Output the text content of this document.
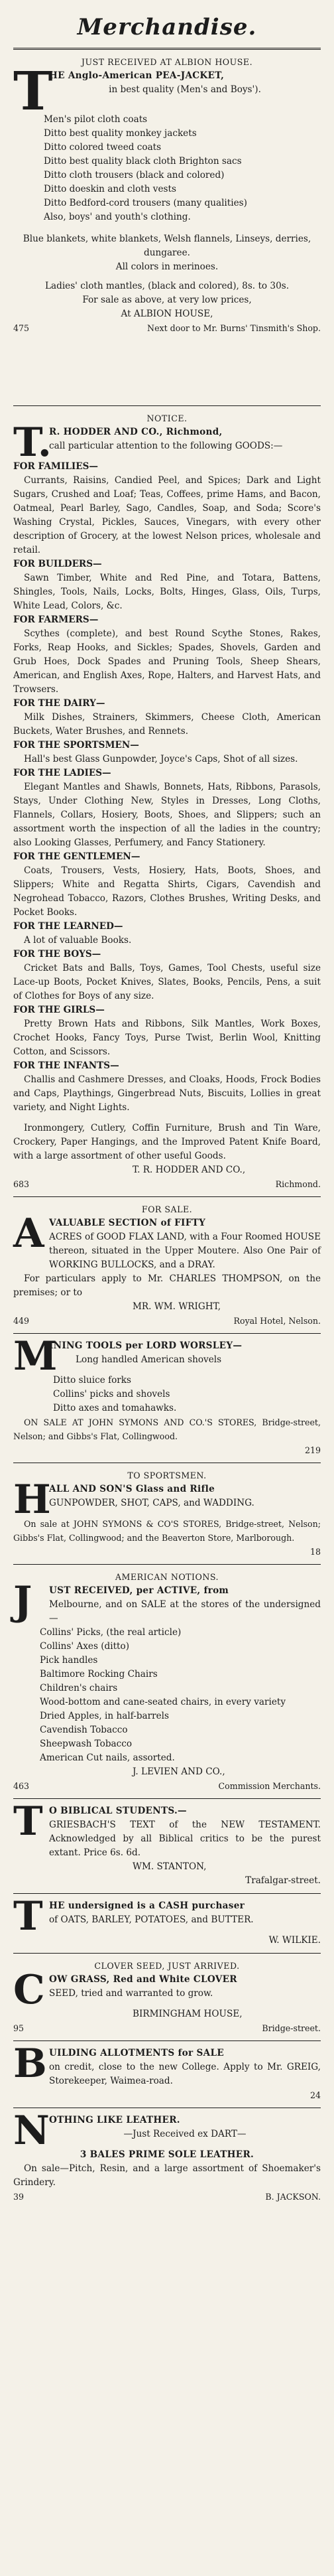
Merchandise.

JUST RECEIVED AT ALBION HOUSE.

T

HE Anglo-American PEA-JACKET,

in best quality (Men's and Boys').

Men's pilot cloth coats

Ditto best quality monkey jackets

Ditto colored tweed coats

Ditto best quality black cloth Brighton sacs

Ditto cloth trousers (black and colored)

Ditto doeskin and cloth vests

Ditto Bedford-cord trousers (many qualities)

Also, boys' and youth's clothing.

Blue blankets, white blankets, Welsh flannels, Linseys, derries, dungaree.

All colors in merinoes.

Ladies' cloth mantles, (black and colored), 8s. to 30s.

For sale as above, at very low prices,

At ALBION HOUSE,

475	Next door to Mr. Burns' Tinsmith's Shop.

NOTICE.

T.

R. HODDER AND CO., Richmond,

call particular attention to the following GOODS:—

FOR FAMILIES—

Currants, Raisins, Candied Peel, and Spices; Dark and Light Sugars, Crushed and Loaf; Teas, Coffees, prime Hams, and Bacon, Oatmeal, Pearl Barley, Sago, Candles, Soap, and Soda; Score's Washing Crystal, Pickles, Sauces, Vinegars, with every other description of Grocery, at the lowest Nelson prices, wholesale and retail.

FOR BUILDERS—

Sawn Timber, White and Red Pine, and Totara, Battens, Shingles, Tools, Nails, Locks, Bolts, Hinges, Glass, Oils, Turps, White Lead, Colors, &c.

FOR FARMERS—

Scythes (complete), and best Round Scythe Stones, Rakes, Forks, Reap Hooks, and Sickles; Spades, Shovels, Garden and Grub Hoes, Dock Spades and Pruning Tools, Sheep Shears, American, and English Axes, Rope, Halters, and Harvest Hats, and Trowsers.

FOR THE DAIRY—

Milk Dishes, Strainers, Skimmers, Cheese Cloth, American Buckets, Water Brushes, and Rennets.

FOR THE SPORTSMEN—

Hall's best Glass Gunpowder, Joyce's Caps, Shot of all sizes.

FOR THE LADIES—

Elegant Mantles and Shawls, Bonnets, Hats, Ribbons, Parasols, Stays, Under Clothing New, Styles in Dresses, Long Cloths, Flannels, Collars, Hosiery, Boots, Shoes, and Slippers; such an assortment worth the inspection of all the ladies in the country; also Looking Glasses, Perfumery, and Fancy Stationery.

FOR THE GENTLEMEN—

Coats, Trousers, Vests, Hosiery, Hats, Boots, Shoes, and Slippers; White and Regatta Shirts, Cigars, Cavendish and Negrohead Tobacco, Razors, Clothes Brushes, Writing Desks, and Pocket Books.

FOR THE LEARNED—

A lot of valuable Books.

FOR THE BOYS—

Cricket Bats and Balls, Toys, Games, Tool Chests, useful size Lace-up Boots, Pocket Knives, Slates, Books, Pencils, Pens, a suit of Clothes for Boys of any size.

FOR THE GIRLS—

Pretty Brown Hats and Ribbons, Silk Mantles, Work Boxes, Crochet Hooks, Fancy Toys, Purse Twist, Berlin Wool, Knitting Cotton, and Scissors.

FOR THE INFANTS—

Challis and Cashmere Dresses, and Cloaks, Hoods, Frock Bodies and Caps, Playthings, Gingerbread Nuts, Biscuits, Lollies in great variety, and Night Lights.

Ironmongery, Cutlery, Coffin Furniture, Brush and Tin Ware, Crockery, Paper Hangings, and the Improved Patent Knife Board, with a large assortment of other useful Goods.

T. R. HODDER AND CO.,

683	Richmond.

FOR SALE.

A VALUABLE SECTION of FIFTY

ACRES of GOOD FLAX LAND, with a Four Roomed HOUSE thereon, situated in the Upper Moutere. Also One Pair of WORKING BULLOCKS, and a DRAY.

For particulars apply to Mr. CHARLES THOMPSON, on the premises; or to

MR. WM. WRIGHT,

449	Royal Hotel, Nelson.
M

INING TOOLS per LORD WORSLEY—

Long handled American shovels

Ditto sluice forks

Collins' picks and shovels

Ditto axes and tomahawks.

ON SALE AT JOHN SYMONS AND CO.'S STORES, Bridge-street, Nelson; and Gibbs's Flat, Collingwood.

219

TO SPORTSMEN.

H

ALL AND SON'S Glass and Rifle

GUNPOWDER, SHOT, CAPS, and WADDING.

On sale at JOHN SYMONS & CO'S STORES, Bridge-street, Nelson; Gibbs's Flat, Collingwood; and the Beaverton Store, Marlborough.

18

AMERICAN NOTIONS.

J	UST RECEIVED, per ACTIVE, from

Melbourne, and on SALE at the stores of the undersigned—

Collins' Picks, (the real article)

Collins' Axes (ditto)

Pick handles

Baltimore Rocking Chairs

Children's chairs

Wood-bottom and cane-seated chairs, in every variety

Dried Apples, in half-barrels

Cavendish Tobacco

Sheepwash Tobacco

American Cut nails, assorted.

J. LEVIEN AND CO.,

463	Commission Merchants.
T O BIBLICAL STUDENTS.—

GRIESBACH'S TEXT of the NEW TESTAMENT. Acknowledged by all Biblical critics to be the purest extant. Price 6s. 6d.

WM. STANTON,

Trafalgar-street.

T HE undersigned is a CASH purchaser

of OATS, BARLEY, POTATOES, and BUTTER.

W. WILKIE.

CLOVER SEED, JUST ARRIVED.

C OW GRASS, Red and White CLOVER

SEED, tried and warranted to grow.

BIRMINGHAM HOUSE,

95	Bridge-street.
B UILDING ALLOTMENTS for SALE

on credit, close to the new College. Apply to Mr. GREIG, Storekeeper, Waimea-road.

24

N OTHING LIKE LEATHER.

—Just Received ex DART—

3 BALES PRIME SOLE LEATHER.

On sale—Pitch, Resin, and a large assortment of Shoemaker's Grindery.

39	B. JACKSON.
